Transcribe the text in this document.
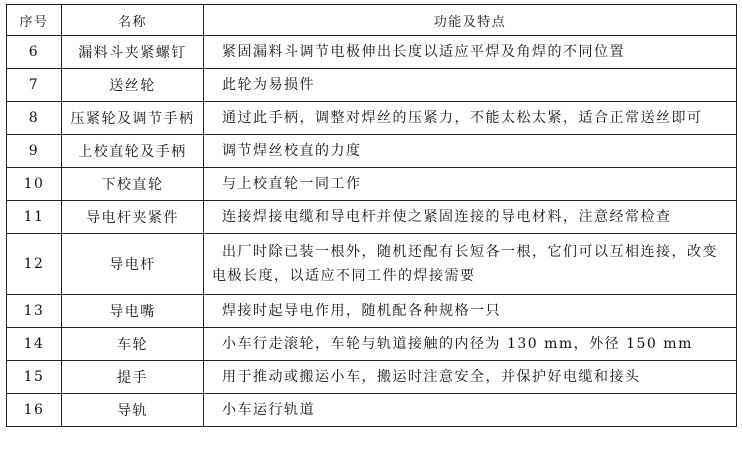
序号	名称	功能及特点
6	漏料斗夹紧螺钉	紧固漏料斗调节电极伸出长度以适应平焊及角焊的不同位置
7	送丝轮	此轮为易损件
8	压紧轮及调节手柄	通过此手柄，调整对焊丝的压紧力，不能太松太紧，适合正常送丝即可
9	上校直轮及手柄	调节焊丝校直的力度
10	下校直轮	与上校直轮一同工作
11	导电杆夹紧件	连接焊接电缆和导电杆并使之紧固连接的导电材料，注意经常检查
12	导电杆	出厂时除已装一根外，随机还配有长短各一根，它们可以互相连接，改变
电极长度，以适应不同工件的焊接需要

13	导电嘴	焊接时起导电作用，随机配各种规格一只
14	车轮	小车行走滚轮，车轮与轨道接触的内径为 130 mm，外径 150 mm
15	提手	用于推动或搬运小车，搬运时注意安全，并保护好电缆和接头
16	导轨	小车运行轨道
